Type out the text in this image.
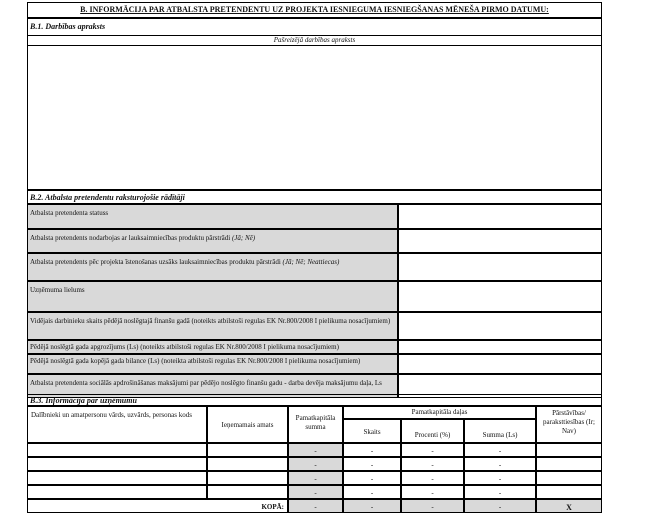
B. INFORMĀCIJA PAR ATBALSTA PRETENDENTU UZ PROJEKTA IESNIEGUMA IESNIEGŠANAS MĒNEŠA PIRMO DATUMU:
B.1. Darbības apraksts
Pašreizējā darbības apraksts
B.2. Atbalsta pretendentu raksturojošie rādītāji
Atbalsta pretendenta statuss
Atbalsta pretendents nodarbojas ar lauksaimniecības produktu pārstrādi (Jā; Nē)
Atbalsta pretendents pēc projekta īstenošanas uzsāks lauksaimniecības produktu pārstrādi (Jā; Nē; Neattiecas)
Uzņēmuma lielums
Vidējais darbinieku skaits pēdējā noslēgtajā finanšu gadā (noteikts atbilstoši regulas EK Nr.800/2008 I pielikuma nosacījumiem)
Pēdējā noslēgtā gada apgrozījums (Ls) (noteikts atbilstoši regulas EK Nr.800/2008 I pielikuma nosacījumiem)
Pēdējā noslēgtā gada kopējā gada bilance (Ls) (noteikta atbilstoši regulas EK Nr.800/2008 I pielikuma nosacījumiem)
Atbalsta pretendenta sociālās apdrošināšanas maksājumi par pēdējo noslēgto finanšu gadu - darba devēja maksājumu daļa, Ls
B.3. Informācija par uzņēmumu
Dalībnieki un amatpersonu vārds, uzvārds, personas kods
Ieņemamais amats
Pamatkapitāla summa
Pamatkapitāla daļas
Skaits	Procenti (%)	Summa (Ls)
Pārstāvības/ paraksttiesības (Ir; Nav)
-	-	-	-
-	-	-	-
-	-	-	-
-	-	-	-
KOPĀ:	-	-	-	-	X
